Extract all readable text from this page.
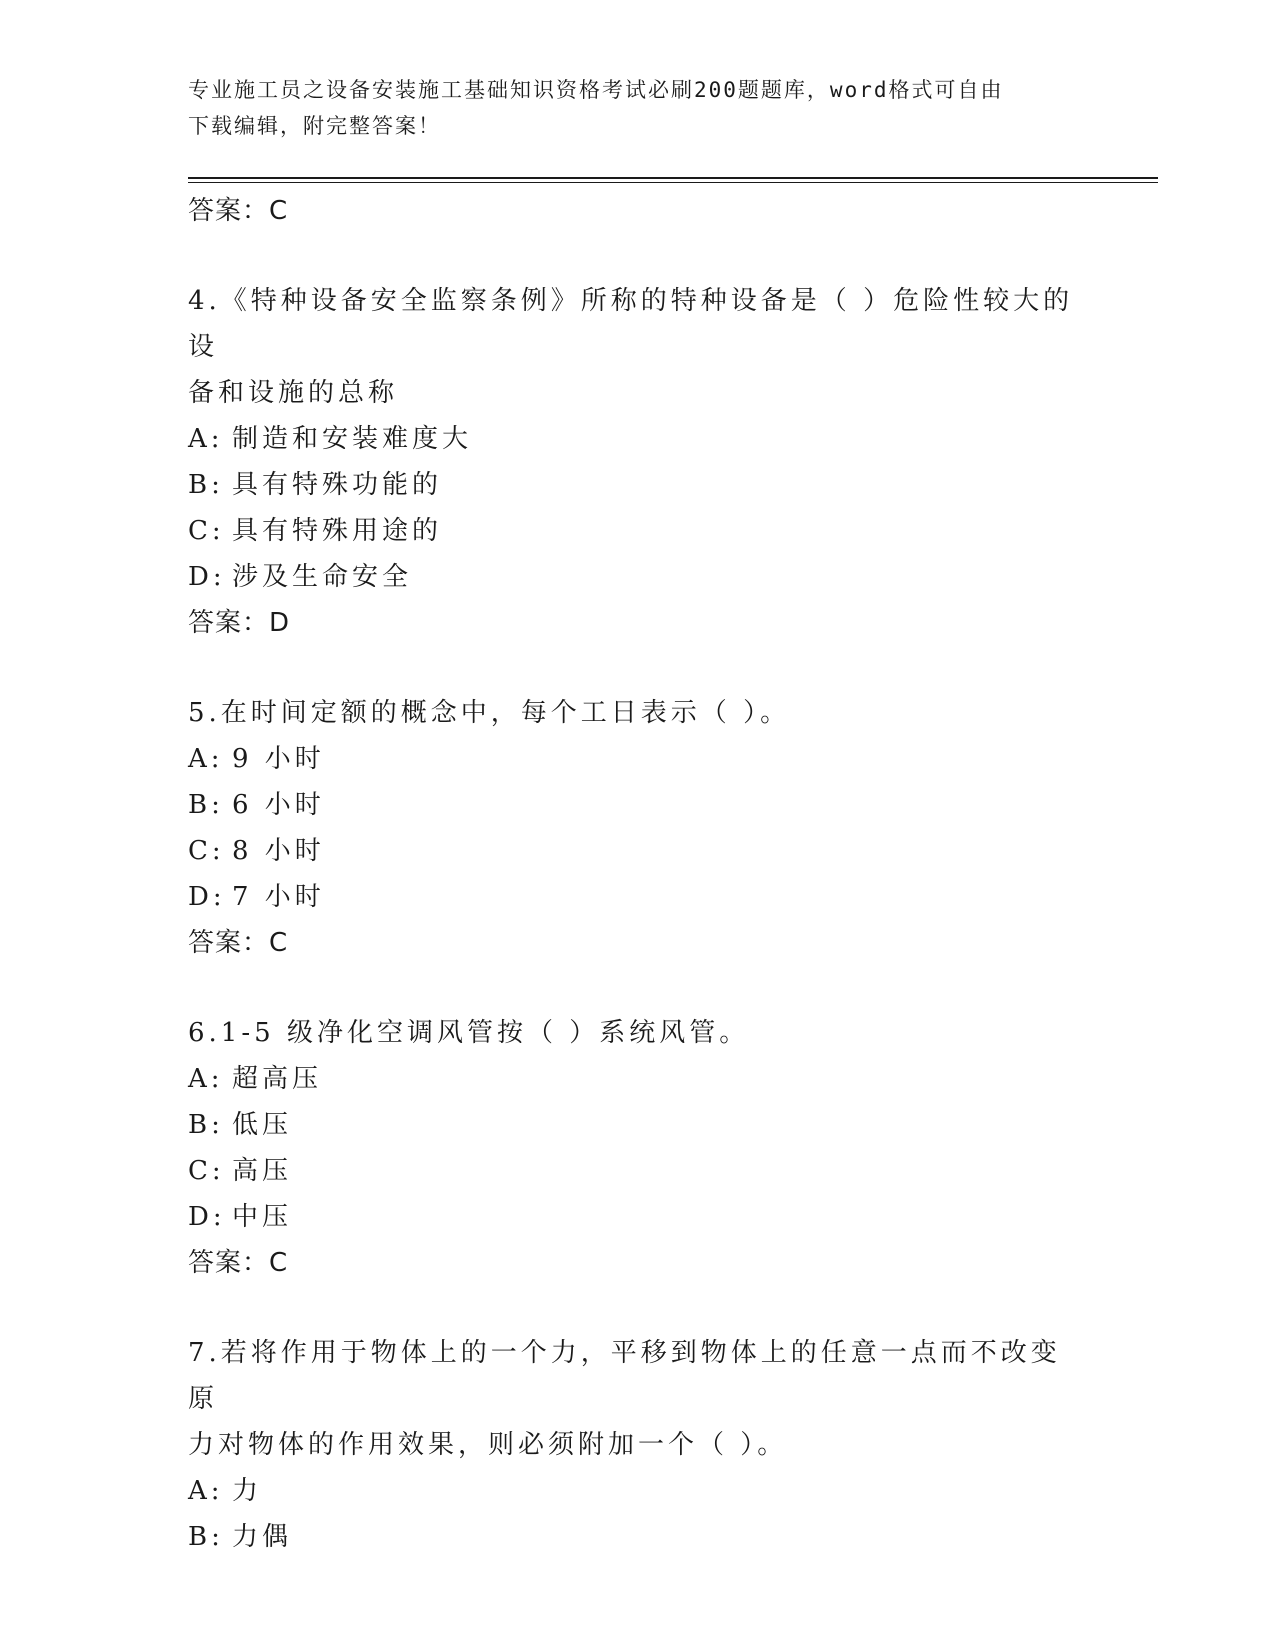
专业施工员之设备安装施工基础知识资格考试必刷200题题库，word格式可自由
下载编辑，附完整答案！
答案：C
4.《特种设备安全监察条例》所称的特种设备是（ ）危险性较大的设
备和设施的总称
A: 制造和安装难度大
B: 具有特殊功能的
C: 具有特殊用途的
D: 涉及生命安全
答案：D
5.在时间定额的概念中，每个工日表示（ ）。
A: 9 小时
B: 6 小时
C: 8 小时
D: 7 小时
答案：C
6.1-5 级净化空调风管按（ ）系统风管。
A: 超高压
B: 低压
C: 高压
D: 中压
答案：C
7.若将作用于物体上的一个力，平移到物体上的任意一点而不改变原
力对物体的作用效果，则必须附加一个（ ）。
A: 力
B: 力偶
